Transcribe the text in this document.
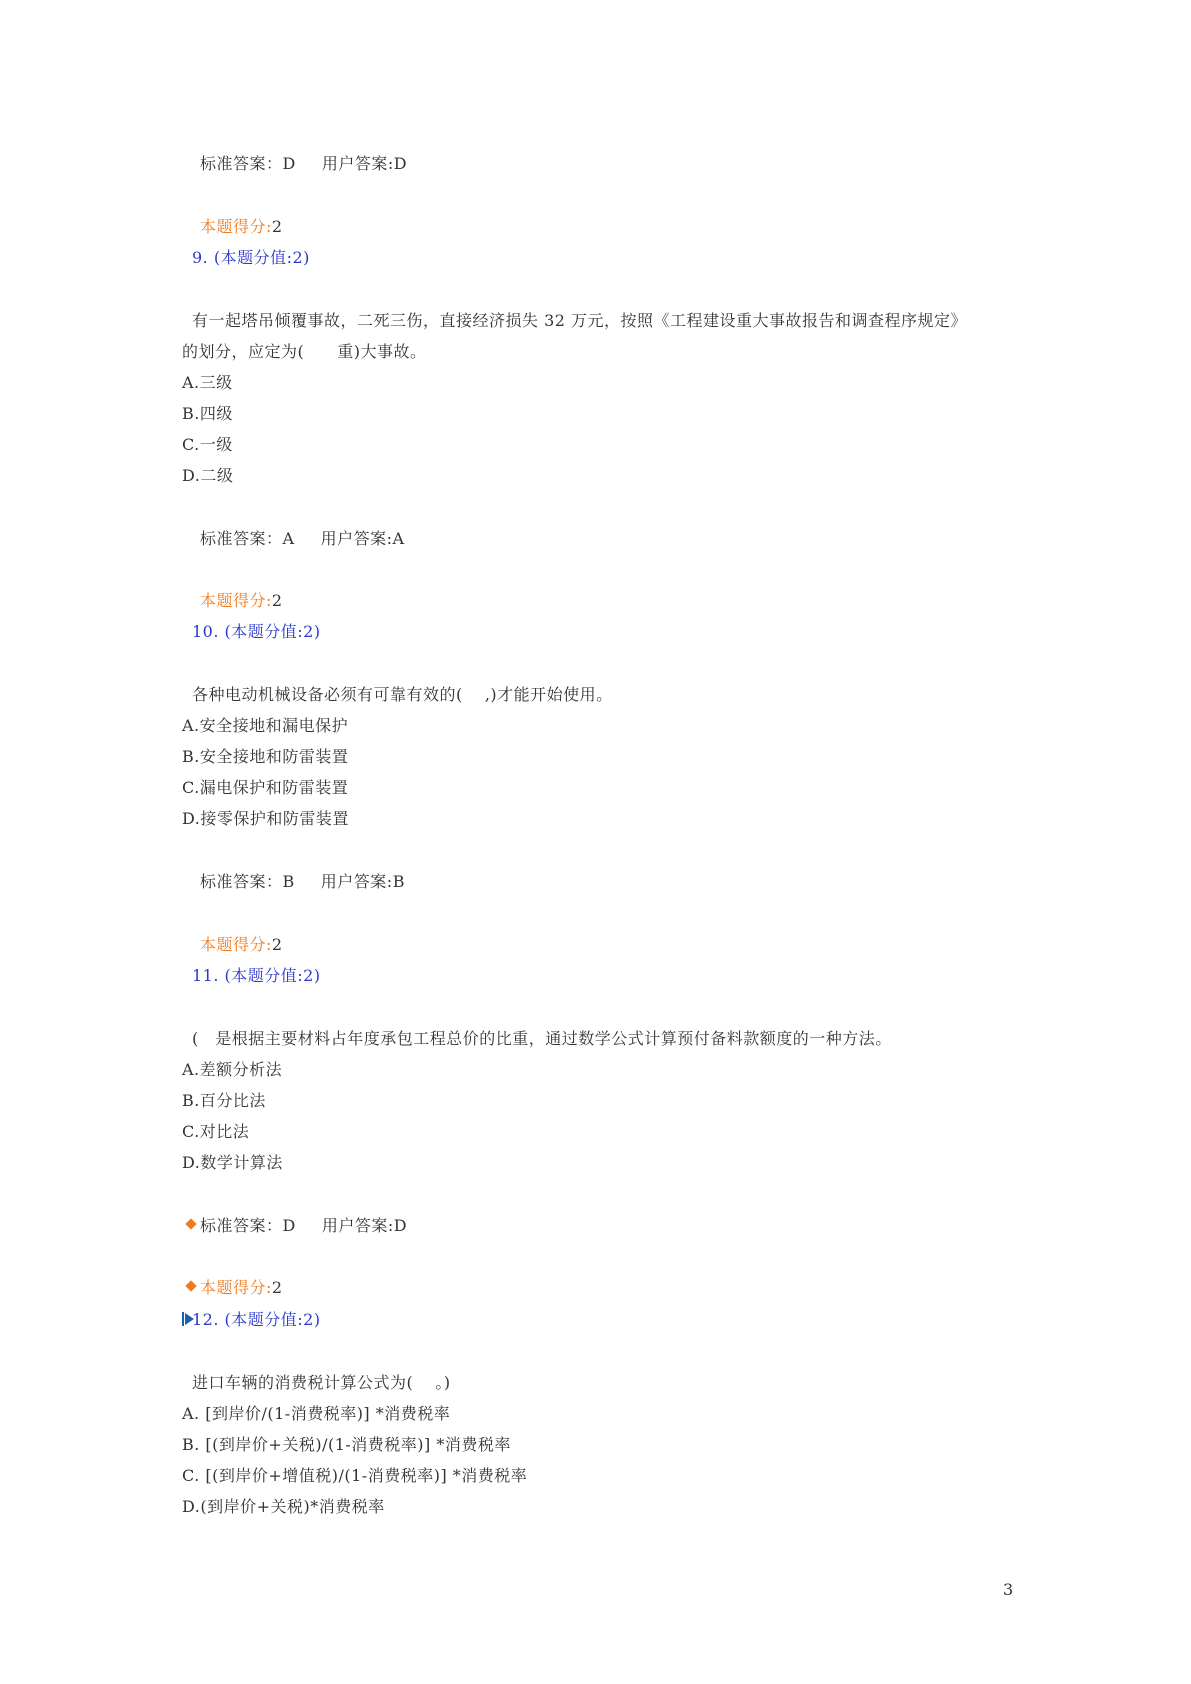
标准答案：D 用户答案:D
本题得分:2
9. (本题分值:2)
有一起塔吊倾覆事故，二死三伤，直接经济损失 32 万元，按照《工程建设重大事故报告和调查程序规定》
的划分，应定为(　　重)大事故。
A.三级
B.四级
C.一级
D.二级
标准答案：A 用户答案:A
本题得分:2
10. (本题分值:2)
各种电动机械设备必须有可靠有效的(　 ,)才能开始使用。
A.安全接地和漏电保护
B.安全接地和防雷装置
C.漏电保护和防雷装置
D.接零保护和防雷装置
标准答案：B 用户答案:B
本题得分:2
11. (本题分值:2)
(　是根据主要材料占年度承包工程总价的比重，通过数学公式计算预付备料款额度的一种方法。
A.差额分析法
B.百分比法
C.对比法
D.数学计算法
标准答案：D 用户答案:D
本题得分:2
12. (本题分值:2)
进口车辆的消费税计算公式为(　 。)
A. [到岸价/(1-消费税率)] *消费税率
B. [(到岸价+关税)/(1-消费税率)] *消费税率
C. [(到岸价+增值税)/(1-消费税率)] *消费税率
D.(到岸价+关税)*消费税率
3
